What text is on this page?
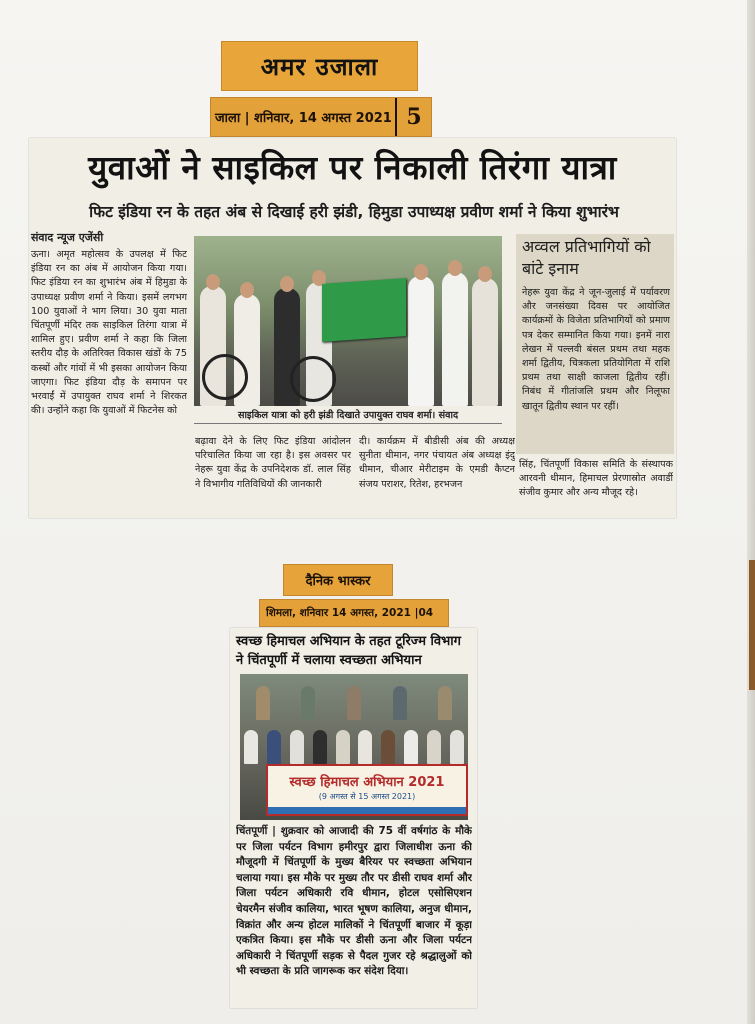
अमर उजाला
जाला | शनिवार, 14 अगस्त 2021 5
युवाओं ने साइकिल पर निकाली तिरंगा यात्रा
फिट इंडिया रन के तहत अंब से दिखाई हरी झंडी, हिमुडा उपाध्यक्ष प्रवीण शर्मा ने किया शुभारंभ
संवाद न्यूज एजेंसी
ऊना। अमृत महोत्सव के उपलक्ष में फिट इंडिया रन का अंब में आयोजन किया गया। फिट इंडिया रन का शुभारंभ अंब में हिमुडा के उपाध्यक्ष प्रवीण शर्मा ने किया। इसमें लगभग 100 युवाओं ने भाग लिया। 30 युवा माता चिंतपूर्णी मंदिर तक साइकिल तिरंगा यात्रा में शामिल हुए। प्रवीण शर्मा ने कहा कि जिला स्तरीय दौड़ के अतिरिक्त विकास खंडों के 75 कस्बों और गांवों में भी इसका आयोजन किया जाएगा। फिट इंडिया दौड़ के समापन पर भरवाईं में उपायुक्त राघव शर्मा ने शिरकत की। उन्होंने कहा कि युवाओं में फिटनेस को	साइकिल यात्रा को हरी झंडी दिखाते उपायुक्त राघव शर्मा। संवाद
बढ़ावा देने के लिए फिट इंडिया आंदोलन परिचालित किया जा रहा है। इस अवसर पर नेहरू युवा केंद्र के उपनिदेशक डॉ. लाल सिंह ने विभागीय गतिविधियों की जानकारी
दी। कार्यक्रम में बीडीसी अंब की अध्यक्ष सुनीता धीमान, नगर पंचायत अंब अध्यक्ष इंदु धीमान, चीआर मेरीटाइम के एमडी कैप्टन संजय पराशर, रितेश, हरभजन
अव्वल प्रतिभागियों को बांटे इनाम
नेहरू युवा केंद्र ने जून-जुलाई में पर्यावरण और जनसंख्या दिवस पर आयोजित कार्यक्रमों के विजेता प्रतिभागियों को प्रमाण पत्र देकर सम्मानित किया गया। इनमें नारा लेखन में पल्लवी बंसल प्रथम तथा महक शर्मा द्वितीय, चित्रकला प्रतियोगिता में राशि प्रथम तथा साक्षी काजला द्वितीय रहीं। निबंध में गीतांजलि प्रथम और निलूफा खातून द्वितीय स्थान पर रहीं।
सिंह, चिंतपूर्णी विकास समिति के संस्थापक आरवनी धीमान, हिमाचल प्रेरणास्रोत अवार्डी संजीव कुमार और अन्य मौजूद रहे।
दैनिक भास्कर
शिमला, शनिवार 14 अगस्त, 2021 |04
स्वच्छ हिमाचल अभियान के तहत टूरिज्म विभाग ने चिंतपूर्णी में चलाया स्वच्छता अभियान
स्वच्छ हिमाचल अभियान 2021
(9 अगस्त से 15 अगस्त 2021)
चिंतपूर्णी | शुक्रवार को आजादी की 75 वीं वर्षगांठ के मौके पर जिला पर्यटन विभाग हमीरपुर द्वारा जिलाधीश ऊना की मौजूदगी में चिंतपूर्णी के मुख्य बैरियर पर स्वच्छता अभियान चलाया गया। इस मौके पर मुख्य तौर पर डीसी राघव शर्मा और जिला पर्यटन अधिकारी रवि धीमान, होटल एसोसिएशन चेयरमैन संजीव कालिया, भारत भूषण कालिया, अनुज धीमान, विक्रांत और अन्य होटल मालिकों ने चिंतपूर्णी बाजार में कूड़ा एकत्रित किया। इस मौके पर डीसी ऊना और जिला पर्यटन अधिकारी ने चिंतपूर्णी सड़क से पैदल गुजर रहे श्रद्धालुओं को भी स्वच्छता के प्रति जागरूक कर संदेश दिया।
